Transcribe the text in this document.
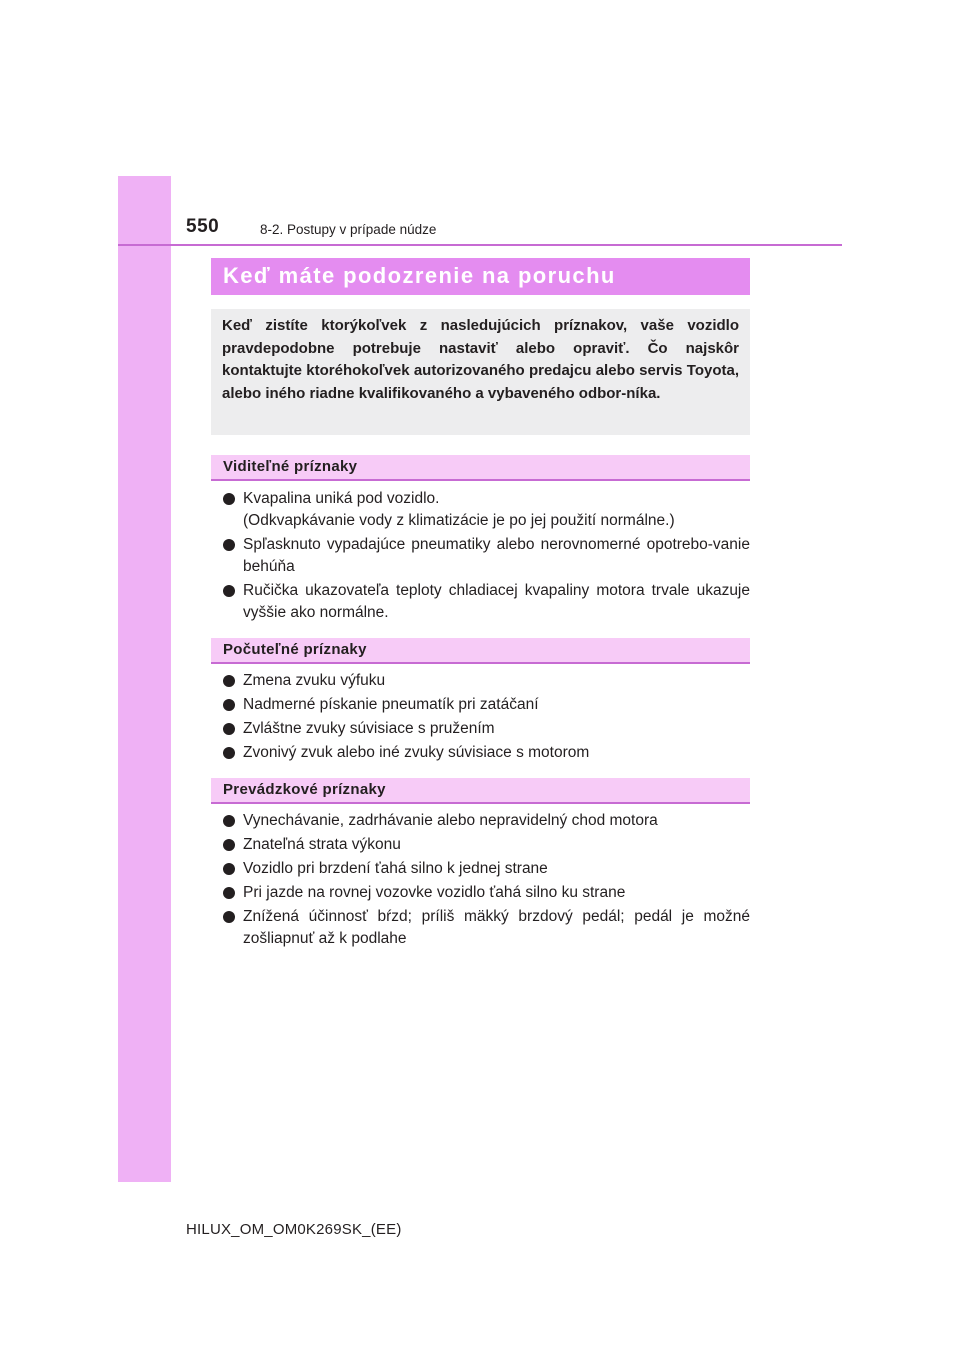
550	8-2. Postupy v prípade núdze
Keď máte podozrenie na poruchu

Keď zistíte ktorýkoľvek z nasledujúcich príznakov, vaše vozidlo pravdepodobne potrebuje nastaviť alebo opraviť. Čo najskôr kontaktujte ktoréhokoľvek autorizovaného predajcu alebo servis Toyota, alebo iného riadne kvalifikovaného a vybaveného odbor-níka.

Viditeľné príznaky
Kvapalina uniká pod vozidlo.
(Odkvapkávanie vody z klimatizácie je po jej použití normálne.)
Spľasknuto vypadajúce pneumatiky alebo nerovnomerné opotrebo-vanie behúňa
Ručička ukazovateľa teploty chladiacej kvapaliny motora trvale ukazuje vyššie ako normálne.
Počuteľné príznaky
Zmena zvuku výfuku
Nadmerné pískanie pneumatík pri zatáčaní
Zvláštne zvuky súvisiace s pružením
Zvonivý zvuk alebo iné zvuky súvisiace s motorom
Prevádzkové príznaky
Vynechávanie, zadrhávanie alebo nepravidelný chod motora
Znateľná strata výkonu
Vozidlo pri brzdení ťahá silno k jednej strane
Pri jazde na rovnej vozovke vozidlo ťahá silno ku strane
Znížená účinnosť bŕzd; príliš mäkký brzdový pedál; pedál je možné zošliapnuť až k podlahe
HILUX_OM_OM0K269SK_(EE)
